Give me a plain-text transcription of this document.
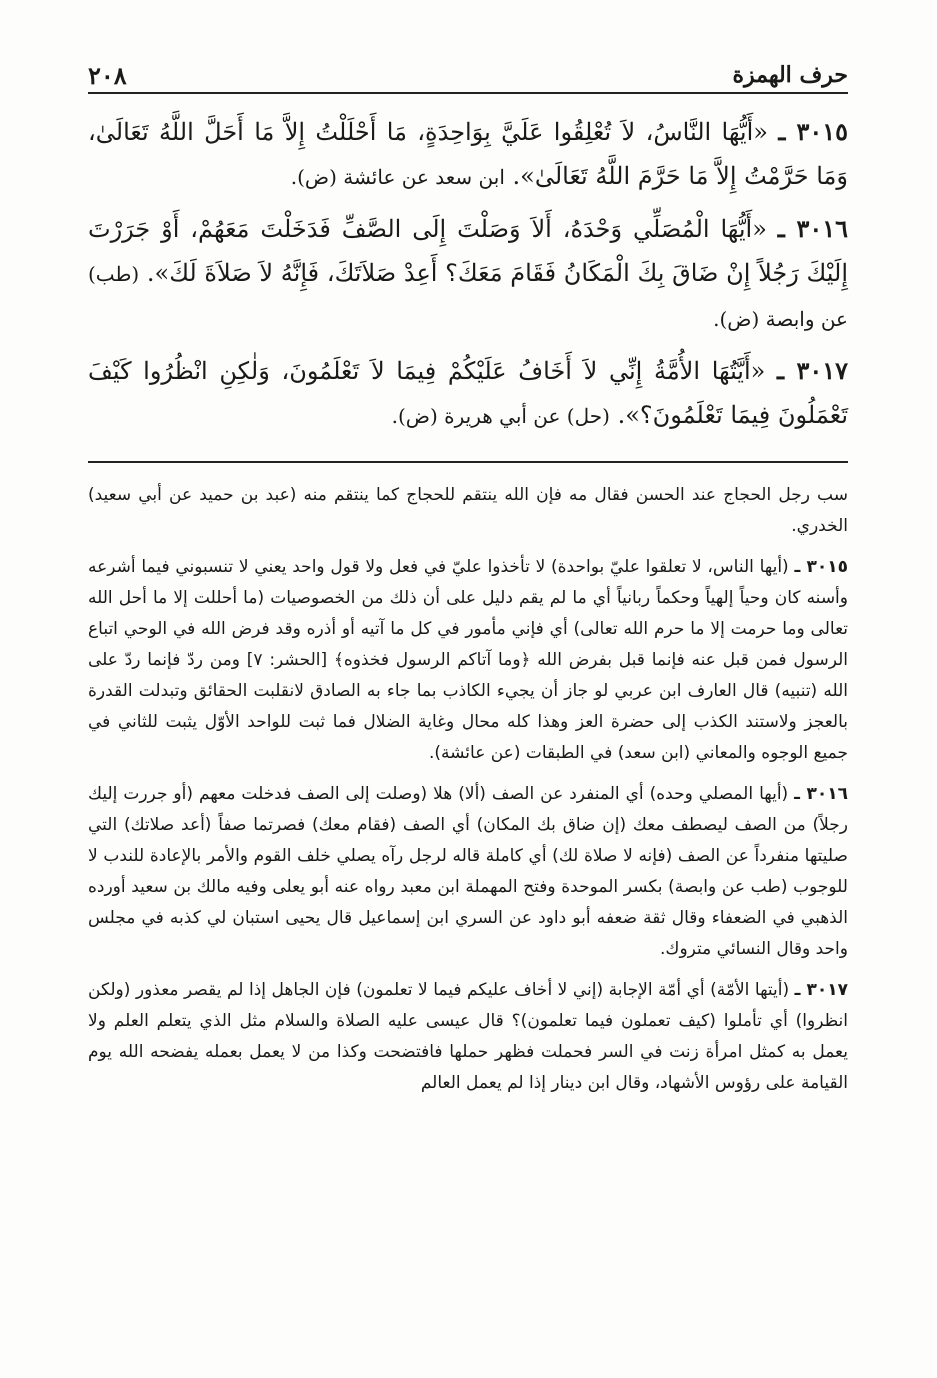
حرف الهمزة
٢٠٨

٣٠١٥ ـ «أَيُّهَا النَّاسُ، لاَ تُعْلِقُوا عَلَيَّ بِوَاحِدَةٍ، مَا أَحْلَلْتُ إِلاَّ مَا أَحَلَّ اللَّهُ تَعَالَىٰ، وَمَا حَرَّمْتُ إِلاَّ مَا حَرَّمَ اللَّهُ تَعَالَىٰ». ابن سعد عن عائشة (ض).

٣٠١٦ ـ «أَيُّهَا الْمُصَلِّي وَحْدَهُ، أَلاَ وَصَلْتَ إِلَى الصَّفِّ فَدَخَلْتَ مَعَهُمْ، أَوْ جَرَرْتَ إِلَيْكَ رَجُلاً إِنْ ضَاقَ بِكَ الْمَكَانُ فَقَامَ مَعَكَ؟ أَعِدْ صَلاَتَكَ، فَإِنَّهُ لاَ صَلاَةَ لَكَ». (طب) عن وابصة (ض).

٣٠١٧ ـ «أَيَّتُهَا الأُمَّةُ إِنِّي لاَ أَخَافُ عَلَيْكُمْ فِيمَا لاَ تَعْلَمُونَ، وَلٰكِنِ انْظُرُوا كَيْفَ تَعْمَلُونَ فِيمَا تَعْلَمُونَ؟». (حل) عن أبي هريرة (ض).

سب رجل الحجاج عند الحسن فقال مه فإن الله ينتقم للحجاج كما ينتقم منه (عبد بن حميد عن أبي سعيد) الخدري.

٣٠١٥ ـ (أيها الناس، لا تعلقوا عليّ بواحدة) لا تأخذوا عليّ في فعل ولا قول واحد يعني لا تنسبوني فيما أشرعه وأسنه كان وحياً إلهياً وحكماً ربانياً أي ما لم يقم دليل على أن ذلك من الخصوصيات (ما أحللت إلا ما أحل الله تعالى وما حرمت إلا ما حرم الله تعالى) أي فإني مأمور في كل ما آتيه أو أذره وقد فرض الله في الوحي اتباع الرسول فمن قبل عنه فإنما قبل بفرض الله ﴿وما آتاكم الرسول فخذوه﴾ [الحشر: ٧] ومن ردّ فإنما ردّ على الله (تنبيه) قال العارف ابن عربي لو جاز أن يجيء الكاذب بما جاء به الصادق لانقلبت الحقائق وتبدلت القدرة بالعجز ولاستند الكذب إلى حضرة العز وهذا كله محال وغاية الضلال فما ثبت للواحد الأوّل يثبت للثاني في جميع الوجوه والمعاني (ابن سعد) في الطبقات (عن عائشة).

٣٠١٦ ـ (أيها المصلي وحده) أي المنفرد عن الصف (ألا) هلا (وصلت إلى الصف فدخلت معهم (أو جررت إليك رجلاً) من الصف ليصطف معك (إن ضاق بك المكان) أي الصف (فقام معك) فصرتما صفاً (أعد صلاتك) التي صليتها منفرداً عن الصف (فإنه لا صلاة لك) أي كاملة قاله لرجل رآه يصلي خلف القوم والأمر بالإعادة للندب لا للوجوب (طب عن وابصة) بكسر الموحدة وفتح المهملة ابن معبد رواه عنه أبو يعلى وفيه مالك بن سعيد أورده الذهبي في الضعفاء وقال ثقة ضعفه أبو داود عن السري ابن إسماعيل قال يحيى استبان لي كذبه في مجلس واحد وقال النسائي متروك.

٣٠١٧ ـ (أيتها الأمّة) أي أمّة الإجابة (إني لا أخاف عليكم فيما لا تعلمون) فإن الجاهل إذا لم يقصر معذور (ولكن انظروا) أي تأملوا (كيف تعملون فيما تعلمون)؟ قال عيسى عليه الصلاة والسلام مثل الذي يتعلم العلم ولا يعمل به كمثل امرأة زنت في السر فحملت فظهر حملها فافتضحت وكذا من لا يعمل بعمله يفضحه الله يوم القيامة على رؤوس الأشهاد، وقال ابن دينار إذا لم يعمل العالم
